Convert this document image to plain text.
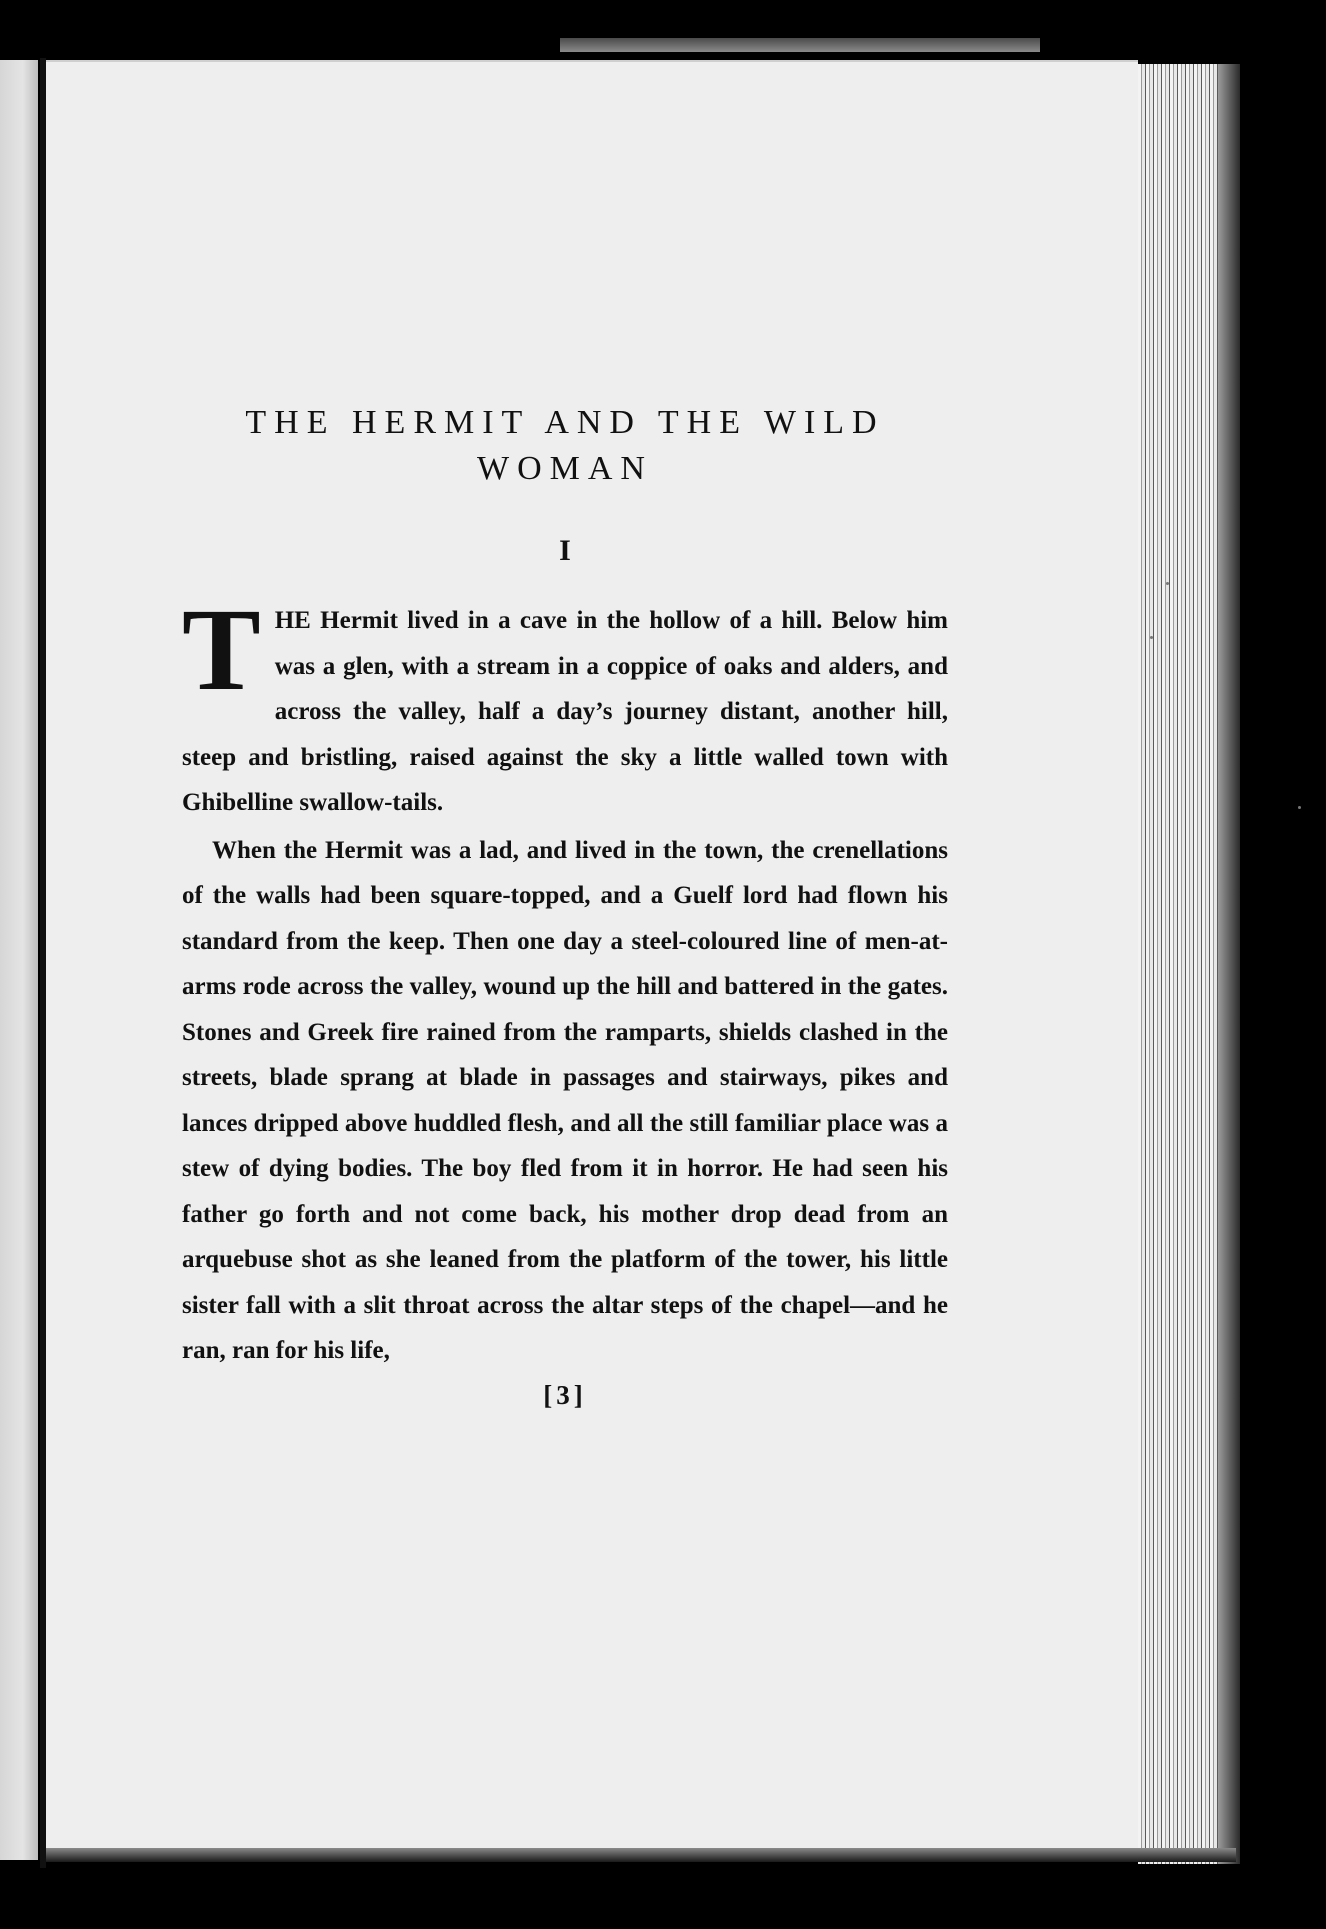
THE HERMIT AND THE WILD
WOMAN
I

THE Hermit lived in a cave in the hollow of a hill. Below him was a glen, with a stream in a coppice of oaks and alders, and across the valley, half a day’s journey distant, another hill, steep and bristling, raised against the sky a little walled town with Ghibelline swallow-tails.

When the Hermit was a lad, and lived in the town, the crenellations of the walls had been square-topped, and a Guelf lord had flown his standard from the keep. Then one day a steel-coloured line of men-at-arms rode across the valley, wound up the hill and battered in the gates. Stones and Greek fire rained from the ramparts, shields clashed in the streets, blade sprang at blade in passages and stairways, pikes and lances dripped above huddled flesh, and all the still familiar place was a stew of dying bodies. The boy fled from it in horror. He had seen his father go forth and not come back, his mother drop dead from an arquebuse shot as she leaned from the platform of the tower, his little sister fall with a slit throat across the altar steps of the chapel—and he ran, ran for his life,

[3]
